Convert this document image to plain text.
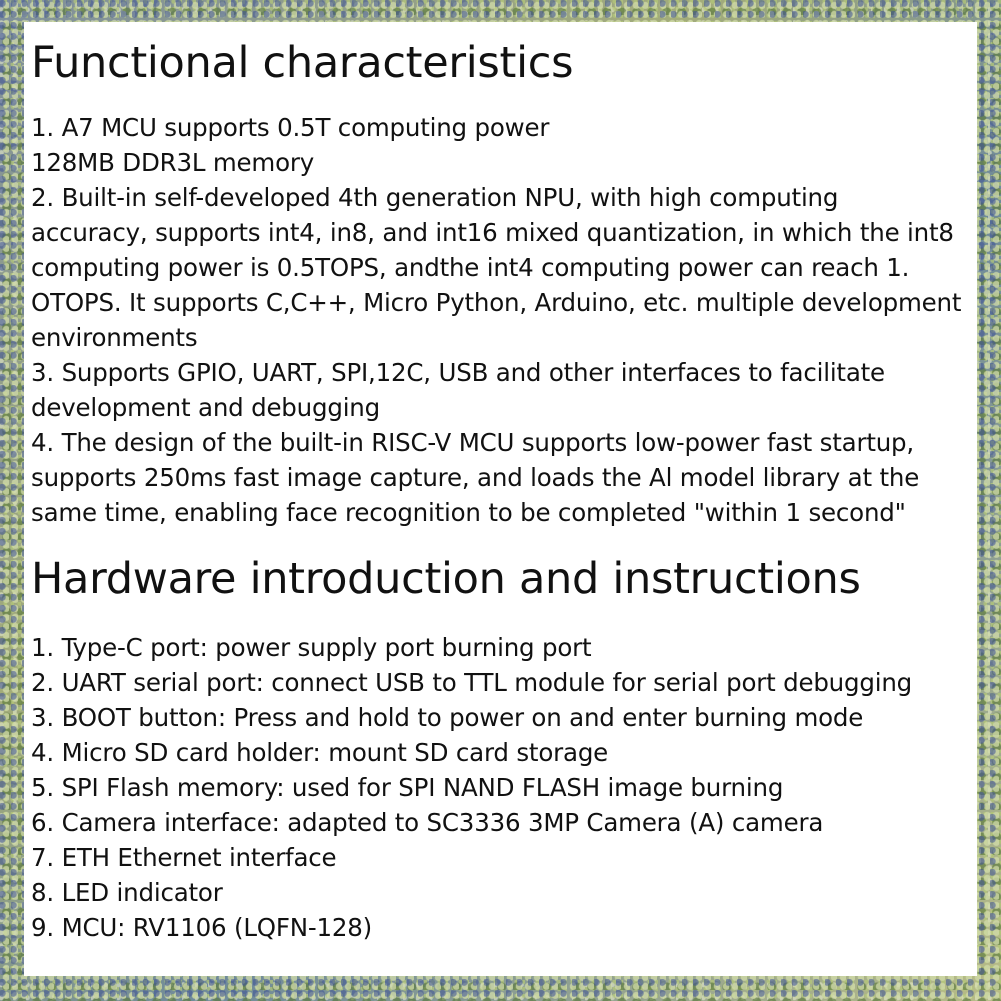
Functional characteristics
1. A7 MCU supports 0.5T computing power
128MB DDR3L memory
2. Built-in self-developed 4th generation NPU, with high computing
accuracy, supports int4, in8, and int16 mixed quantization, in which the int8
computing power is 0.5TOPS, andthe int4 computing power can reach 1.
OTOPS. It supports C,C++, Micro Python, Arduino, etc. multiple development
environments
3. Supports GPIO, UART, SPI,12C, USB and other interfaces to facilitate
development and debugging
4. The design of the built-in RISC-V MCU supports low-power fast startup,
supports 250ms fast image capture, and loads the Al model library at the
same time, enabling face recognition to be completed "within 1 second"
Hardware introduction and instructions
1. Type-C port: power supply port burning port
2. UART serial port: connect USB to TTL module for serial port debugging
3. BOOT button: Press and hold to power on and enter burning mode
4. Micro SD card holder: mount SD card storage
5. SPI Flash memory: used for SPI NAND FLASH image burning
6. Camera interface: adapted to SC3336 3MP Camera (A) camera
7. ETH Ethernet interface
8. LED indicator
9. MCU: RV1106 (LQFN-128)
